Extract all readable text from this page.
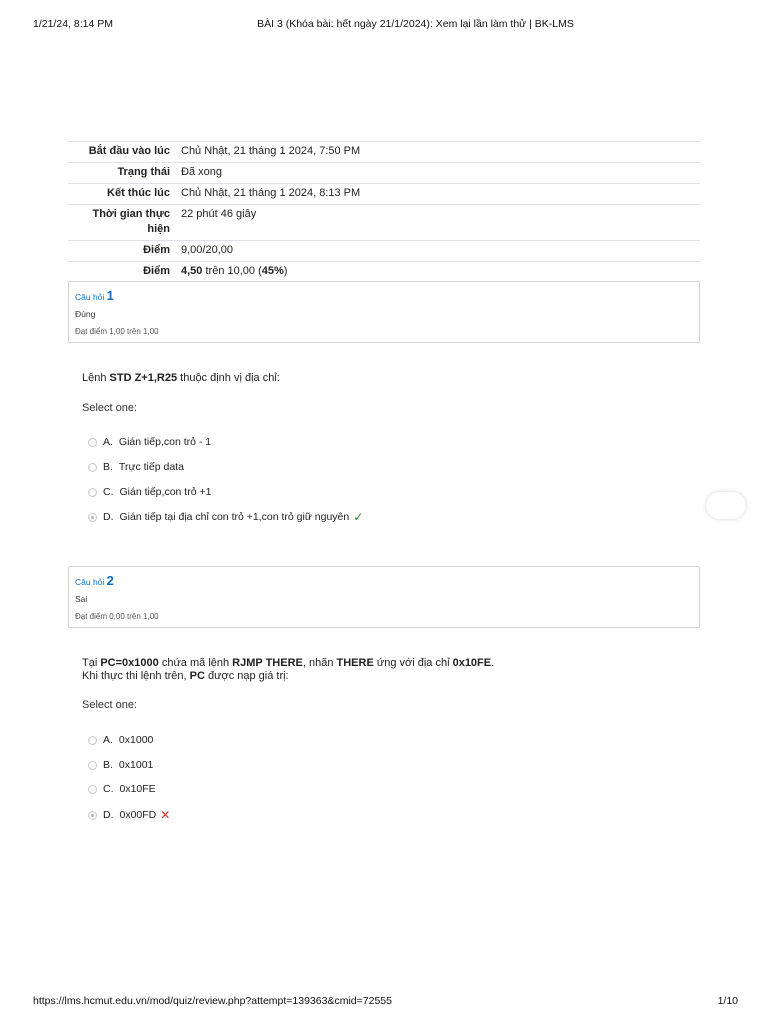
1/21/24, 8:14 PM	BÀI 3 (Khóa bài: hết ngày 21/1/2024): Xem lại lần làm thử | BK-LMS
Bắt đầu vào lúc	Chủ Nhật, 21 tháng 1 2024, 7:50 PM
Trạng thái	Đã xong
Kết thúc lúc	Chủ Nhật, 21 tháng 1 2024, 8:13 PM
Thời gian thực hiện	22 phút 46 giây
Điểm	9,00/20,00
Điểm	4,50 trên 10,00 (45%)
Câu hỏi 1
Đúng
Đạt điểm 1,00 trên 1,00
Lệnh STD Z+1,R25 thuộc định vị địa chỉ:
Select one:
A. Gián tiếp,con trỏ - 1
B. Trực tiếp data
C. Gián tiếp,con trỏ +1
D. Gián tiếp tại địa chỉ con trỏ +1,con trỏ giữ nguyên ✓
Câu hỏi 2
Sai
Đạt điểm 0,00 trên 1,00
Tại PC=0x1000 chứa mã lệnh RJMP THERE, nhãn THERE ứng với địa chỉ 0x10FE.
Khi thực thi lệnh trên, PC được nạp giá trị:
Select one:
A. 0x1000
B. 0x1001
C. 0x10FE
D. 0x00FD ✕
https://lms.hcmut.edu.vn/mod/quiz/review.php?attempt=139363&cmid=72555	1/10
